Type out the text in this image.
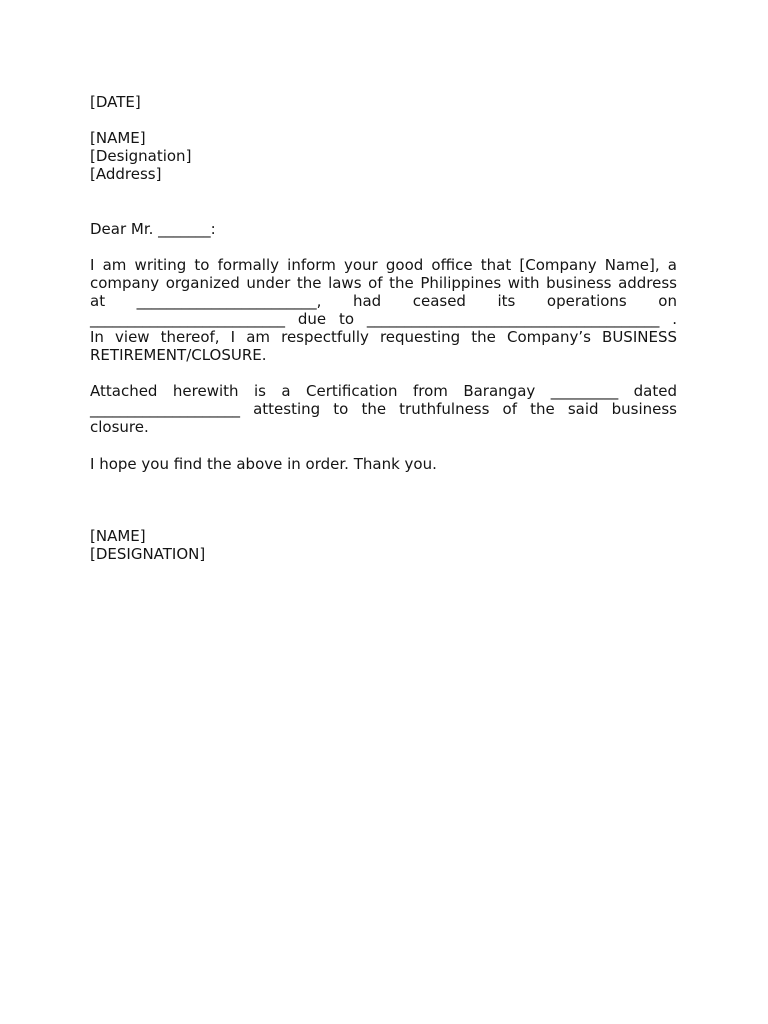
[DATE]
[NAME]
[Designation]
[Address]
Dear Mr. _______:
I am writing to formally inform your good office that [Company Name], a
company organized under the laws of the Philippines with business address
at ________________________, had ceased its operations on
__________________________ due to _______________________________________ .
In view thereof, I am respectfully requesting the Company’s BUSINESS
RETIREMENT/CLOSURE.
Attached herewith is a Certification from Barangay _________ dated
____________________ attesting to the truthfulness of the said business
closure.
I hope you find the above in order. Thank you.
[NAME]
[DESIGNATION]
